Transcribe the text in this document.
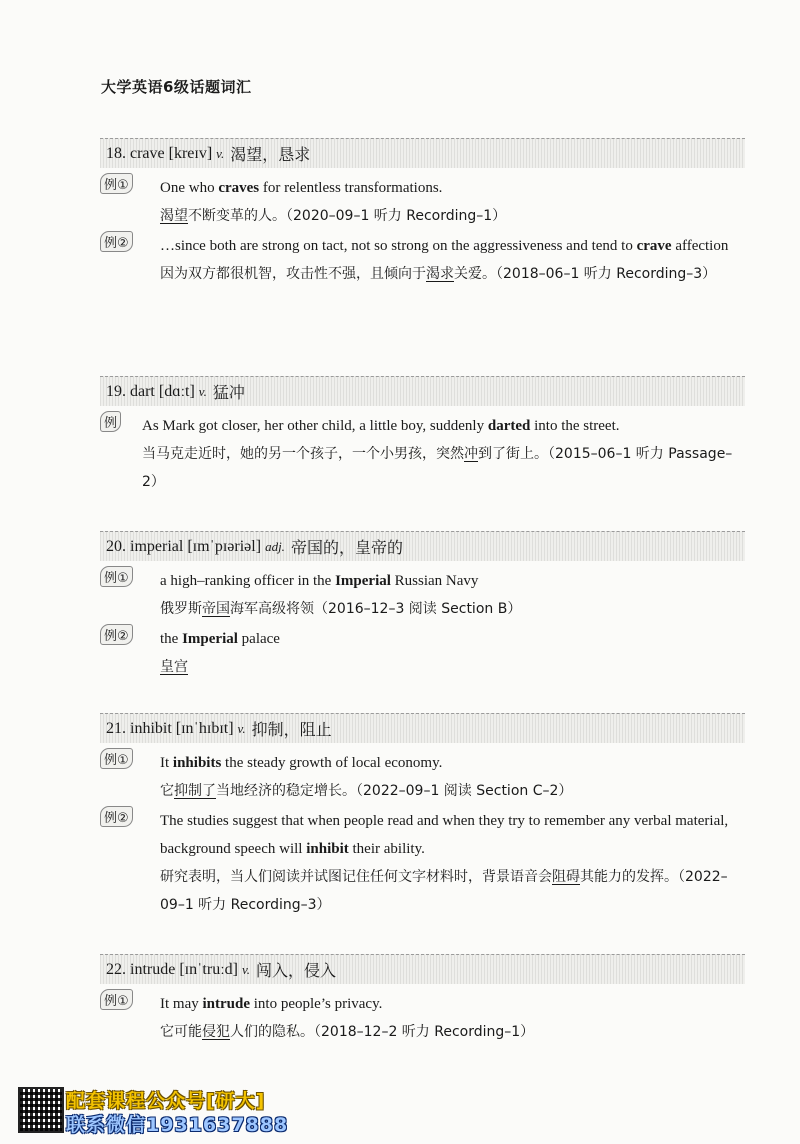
大学英语6级话题词汇
18. crave [kreɪv] v. 渴望，恳求
例① One who craves for relentless transformations.
渴望不断变革的人。（2020–09–1 听力 Recording–1）
例② …since both are strong on tact, not so strong on the aggressiveness and tend to crave affection
因为双方都很机智，攻击性不强，且倾向于渴求关爱。（2018–06–1 听力 Recording–3）
19. dart [dɑːt] v. 猛冲
例 As Mark got closer, her other child, a little boy, suddenly darted into the street.
当马克走近时，她的另一个孩子，一个小男孩，突然冲到了街上。（2015–06–1 听力 Passage–2）
20. imperial [ɪmˈpɪəriəl] adj. 帝国的，皇帝的
例① a high–ranking officer in the Imperial Russian Navy
俄罗斯帝国海军高级将领（2016–12–3 阅读 Section B）
例② the Imperial palace
皇宫
21. inhibit [ɪnˈhɪbɪt] v. 抑制，阻止
例① It inhibits the steady growth of local economy.
它抑制了当地经济的稳定增长。（2022–09–1 阅读 Section C–2）
例② The studies suggest that when people read and when they try to remember any verbal material, background speech will inhibit their ability.
研究表明，当人们阅读并试图记住任何文字材料时，背景语音会阻碍其能力的发挥。（2022–09–1 听力 Recording–3）
22. intrude [ɪnˈtruːd] v. 闯入，侵入
例① It may intrude into people’s privacy.
它可能侵犯人们的隐私。（2018–12–2 听力 Recording–1）
配套课程公众号[研大]
联系微信1931637888
